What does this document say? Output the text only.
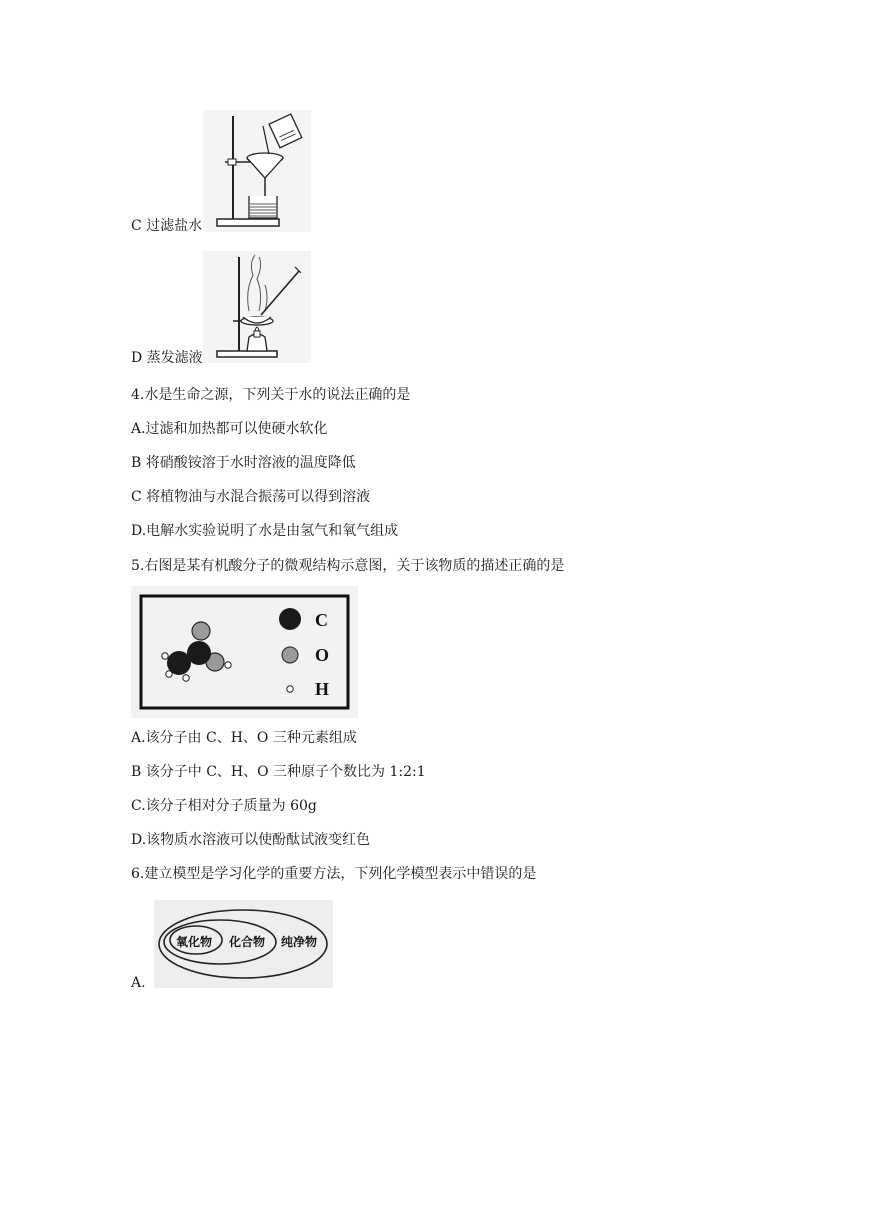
C 过滤盐水
D 蒸发滤液
4.水是生命之源，下列关于水的说法正确的是
A.过滤和加热都可以使硬水软化
B 将硝酸铵溶于水时溶液的温度降低
C 将植物油与水混合振荡可以得到溶液
D.电解水实验说明了水是由氢气和氧气组成
5.右图是某有机酸分子的微观结构示意图，关于该物质的描述正确的是
C
O
H
A.该分子由 C、H、O 三种元素组成
B 该分子中 C、H、O 三种原子个数比为 1:2:1
C.该分子相对分子质量为 60g
D.该物质水溶液可以使酚酞试液变红色
6.建立模型是学习化学的重要方法，下列化学模型表示中错误的是
氧化物 化合物 纯净物
A.
